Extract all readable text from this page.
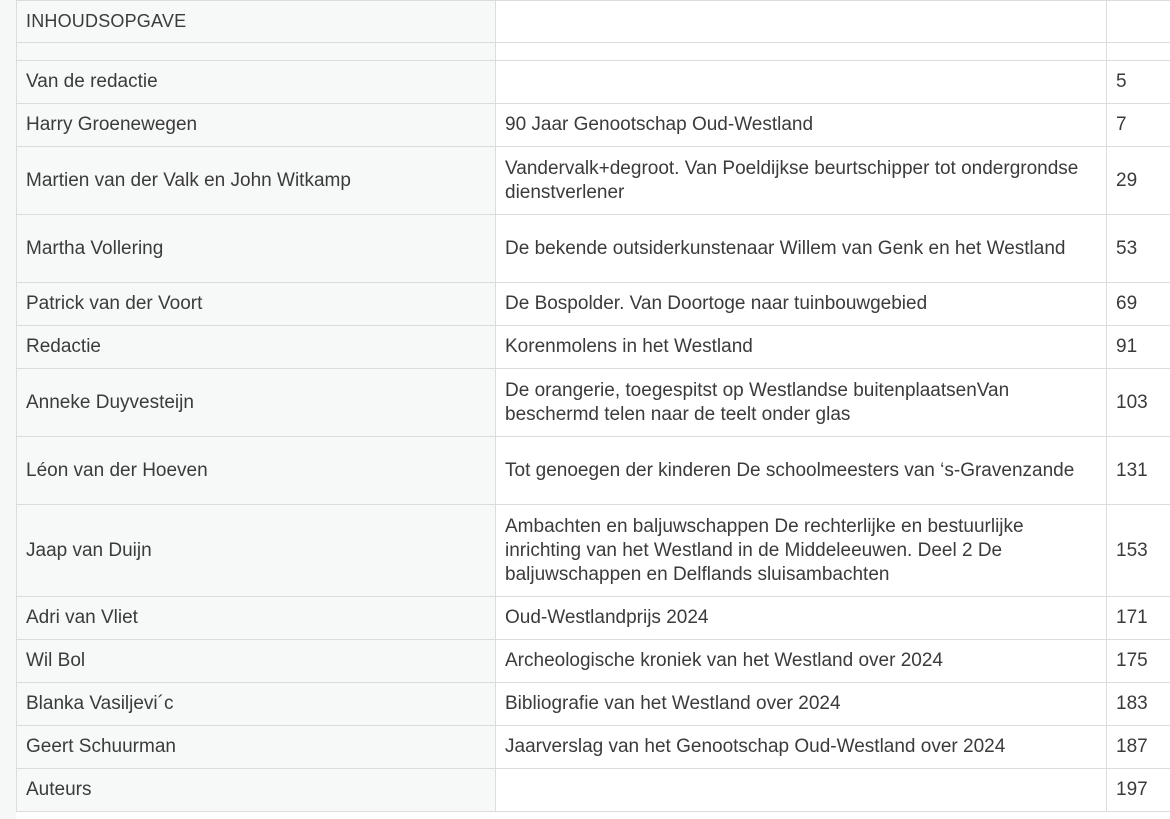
INHOUDSOPGAVE		

Van de redactie		5
Harry Groenewegen	90 Jaar Genootschap Oud-Westland	7
Martien van der Valk en John Witkamp	Vandervalk+degroot. Van Poeldijkse beurtschipper tot ondergrondse dienstverlener	29
Martha Vollering	De bekende outsiderkunstenaar Willem van Genk en het Westland	53
Patrick van der Voort	De Bospolder. Van Doortoge naar tuinbouwgebied	69
Redactie	Korenmolens in het Westland	91
Anneke Duyvesteijn	De orangerie, toegespitst op Westlandse buitenplaatsenVan beschermd telen naar de teelt onder glas	103
Léon van der Hoeven	Tot genoegen der kinderen De schoolmeesters van ‘s-Gravenzande	131
Jaap van Duijn	Ambachten en baljuwschappen De rechterlijke en bestuurlijke inrichting van het Westland in de Middeleeuwen. Deel 2 De baljuwschappen en Delflands sluisambachten	153
Adri van Vliet	Oud-Westlandprijs 2024	171
Wil Bol	Archeologische kroniek van het Westland over 2024	175
Blanka Vasiljevi´c	Bibliografie van het Westland over 2024	183
Geert Schuurman	Jaarverslag van het Genootschap Oud-Westland over 2024	187
Auteurs		197
